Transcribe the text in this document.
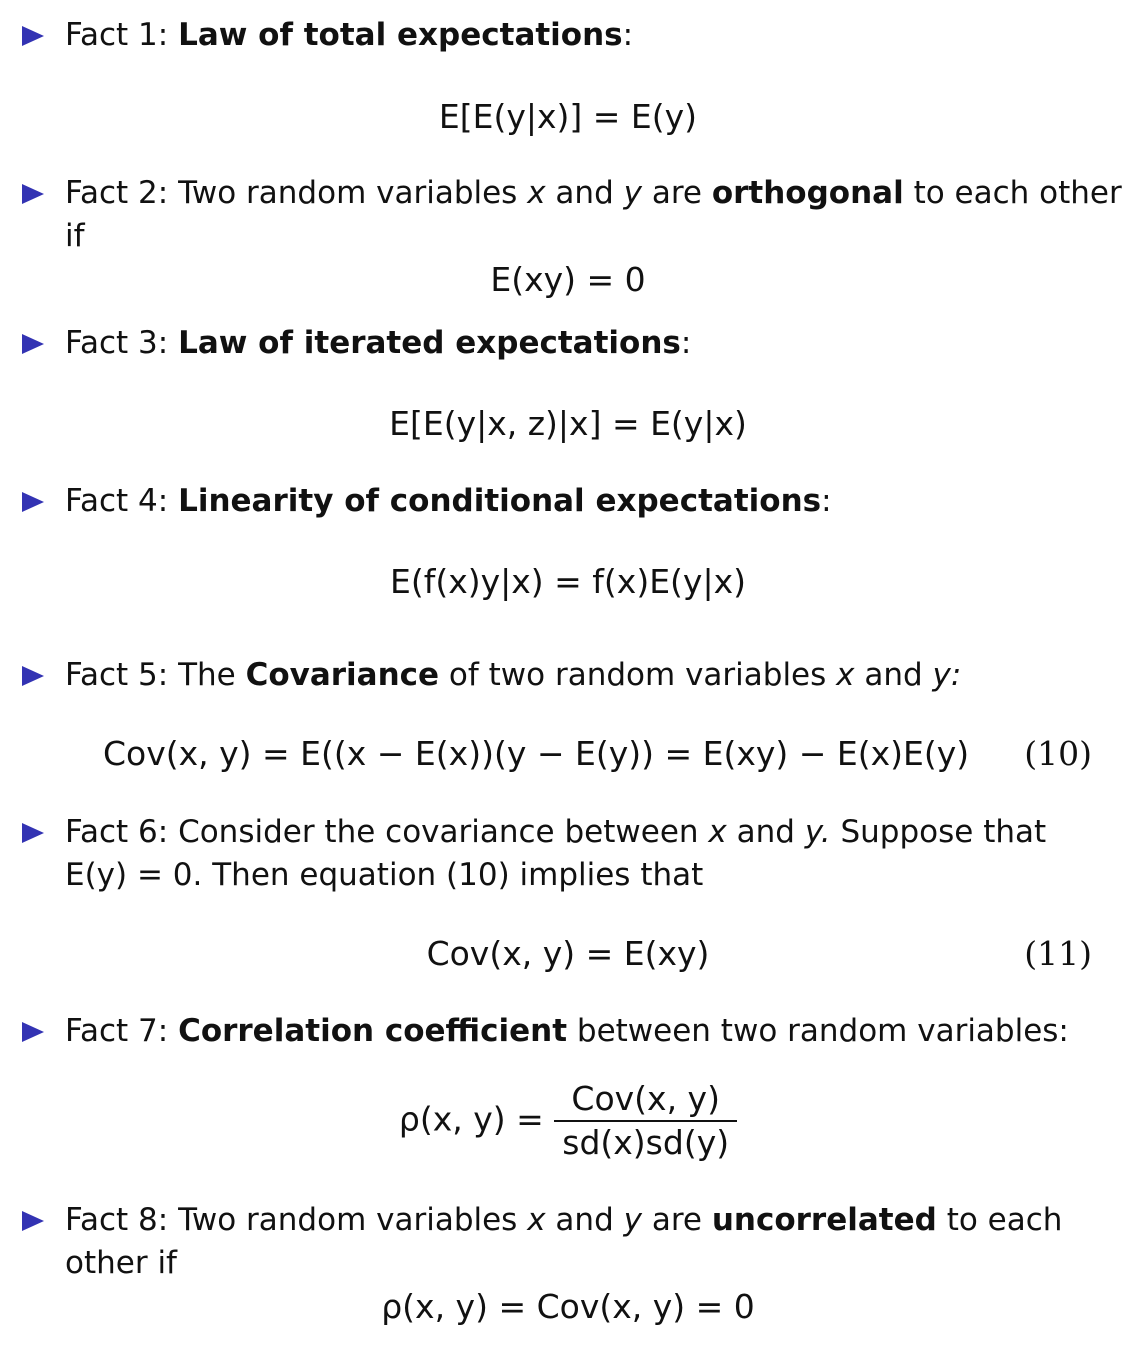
Fact 1: Law of total expectations:
E[E(y|x)] = E(y)
Fact 2: Two random variables x and y are orthogonal to each other
if
E(xy) = 0
Fact 3: Law of iterated expectations:
E[E(y|x, z)|x] = E(y|x)
Fact 4: Linearity of conditional expectations:
E(f(x)y|x) = f(x)E(y|x)
Fact 5: The Covariance of two random variables x and y:
Cov(x, y) = E((x − E(x))(y − E(y)) = E(xy) − E(x)E(y) (10)
Fact 6: Consider the covariance between x and y. Suppose that
E(y) = 0. Then equation (10) implies that
Cov(x, y) = E(xy)	(11)
Fact 7: Correlation coefficient between two random variables:
ρ(x, $y) = \frac{\text{Cov(x, y)}}{sd(x)sd(y)}$
Fact 8: Two random variables x and y are uncorrelated to each
other if
ρ(x, y) = Cov(x, y) = 0
